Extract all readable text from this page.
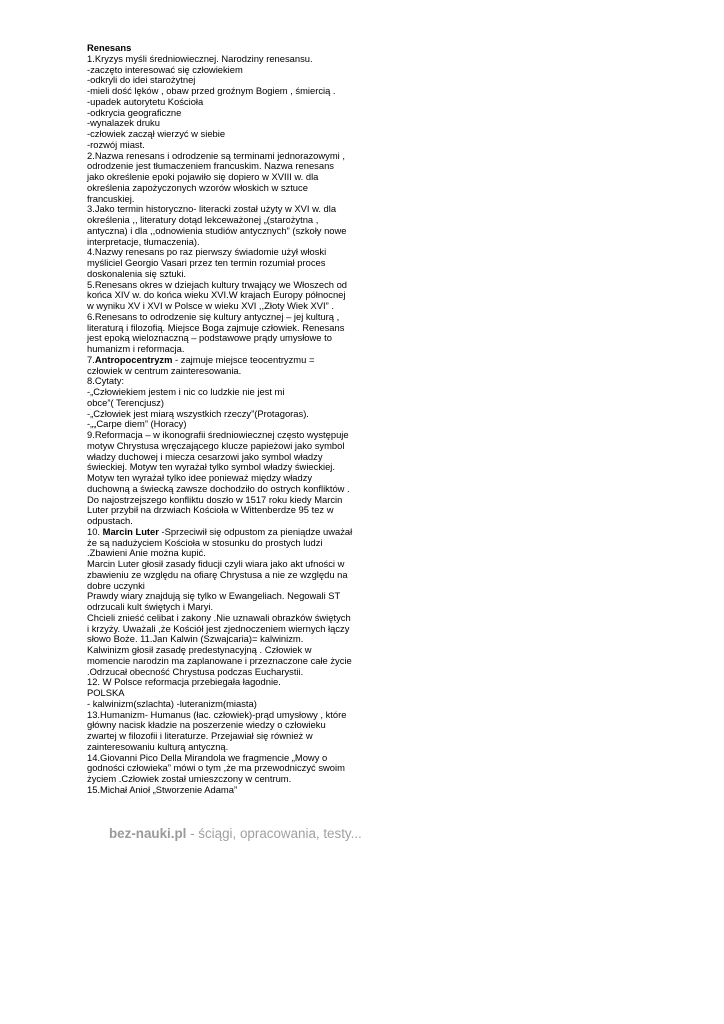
Renesans
1.Kryzys myśli średniowiecznej. Narodziny renesansu.
-zaczęto interesować się człowiekiem
-odkryli do idei starożytnej
-mieli dość lęków , obaw przed groźnym Bogiem , śmiercią .
-upadek autorytetu Kościoła
-odkrycia geograficzne
-wynalazek druku
-człowiek zaczął wierzyć w siebie
-rozwój miast.
2.Nazwa renesans i odrodzenie są terminami jednorazowymi ,
odrodzenie jest tłumaczeniem francuskim. Nazwa renesans
jako określenie epoki pojawiło się dopiero w XVIII w. dla
określenia zapożyczonych wzorów włoskich w sztuce
francuskiej.
3.Jako termin historyczno- literacki został użyty w XVI w. dla
określenia ,, literatury dotąd lekceważonej „(starożytna ,
antyczna) i dla ,,odnowienia studiów antycznych” (szkoły nowe
interpretacje, tłumaczenia).
4.Nazwy renesans po raz pierwszy świadomie użył włoski
myśliciel Georgio Vasari przez ten termin rozumiał proces
doskonalenia się sztuki.
5.Renesans okres w dziejach kultury trwający we Włoszech od
końca XIV w. do końca wieku XVI.W krajach Europy północnej
w wyniku XV i XVI w Polsce w wieku XVI ,,Złoty Wiek XVI” .
6.Renesans to odrodzenie się kultury antycznej – jej kulturą ,
literaturą i filozofią. Miejsce Boga zajmuje człowiek. Renesans
jest epoką wieloznaczną – podstawowe prądy umysłowe to
humanizm i reformacja.
7.Antropocentryzm - zajmuje miejsce teocentryzmu =
człowiek w centrum zainteresowania.
8.Cytaty:
-„Człowiekiem jestem i nic co ludzkie nie jest mi
obce”( Terencjusz)
-„Człowiek jest miarą wszystkich rzeczy”(Protagoras).
-„„Carpe diem” (Horacy)
9.Reformacja – w ikonografii średniowiecznej często występuje
motyw Chrystusa wręczającego klucze papieżowi jako symbol
władzy duchowej i miecza cesarzowi jako symbol władzy
świeckiej. Motyw ten wyrażał tylko symbol władzy świeckiej.
Motyw ten wyrażał tylko idee ponieważ między władzy
duchowną a świecką zawsze dochodziło do ostrych konfliktów .
Do najostrzejszego konfliktu doszło w 1517 roku kiedy Marcin
Luter przybił na drzwiach Kościoła w Wittenberdze 95 tez w
odpustach.
10. Marcin Luter -Sprzeciwił się odpustom za pieniądze uważał
że są nadużyciem Kościoła w stosunku do prostych ludzi
.Zbawieni Anie można kupić.
Marcin Luter głosił zasady fiducji czyli wiara jako akt ufności w
zbawieniu ze względu na ofiarę Chrystusa a nie ze względu na
dobre uczynki
Prawdy wiary znajdują się tylko w Ewangeliach. Negowali ST
odrzucali kult świętych i Maryi.
Chcieli znieść celibat i zakony .Nie uznawali obrazków świętych
i krzyży. Uważali ,że Kościół jest zjednoczeniem wiernych łączy
słowo Boże. 11.Jan Kalwin (Szwajcaria)= kalwinizm.
Kalwinizm głosił zasadę predestynacyjną . Człowiek w
momencie narodzin ma zaplanowane i przeznaczone całe życie
.Odrzucał obecność Chrystusa podczas Eucharystii.
12. W Polsce reformacja przebiegała łagodnie.
POLSKA
- kalwinizm(szlachta) -luteranizm(miasta)
13.Humanizm- Humanus (łac. człowiek)-prąd umysłowy , które
główny nacisk kładzie na poszerzenie wiedzy o człowieku
zwartej w filozofii i literaturze. Przejawiał się również w
zainteresowaniu kulturą antyczną.
14.Giovanni Pico Della Mirandola we fragmencie „Mowy o
godności człowieka” mówi o tym ,że ma przewodniczyć swoim
życiem .Człowiek został umieszczony w centrum.
15.Michał Anioł „Stworzenie Adama”
bez-nauki.pl - ściągi, opracowania, testy...
